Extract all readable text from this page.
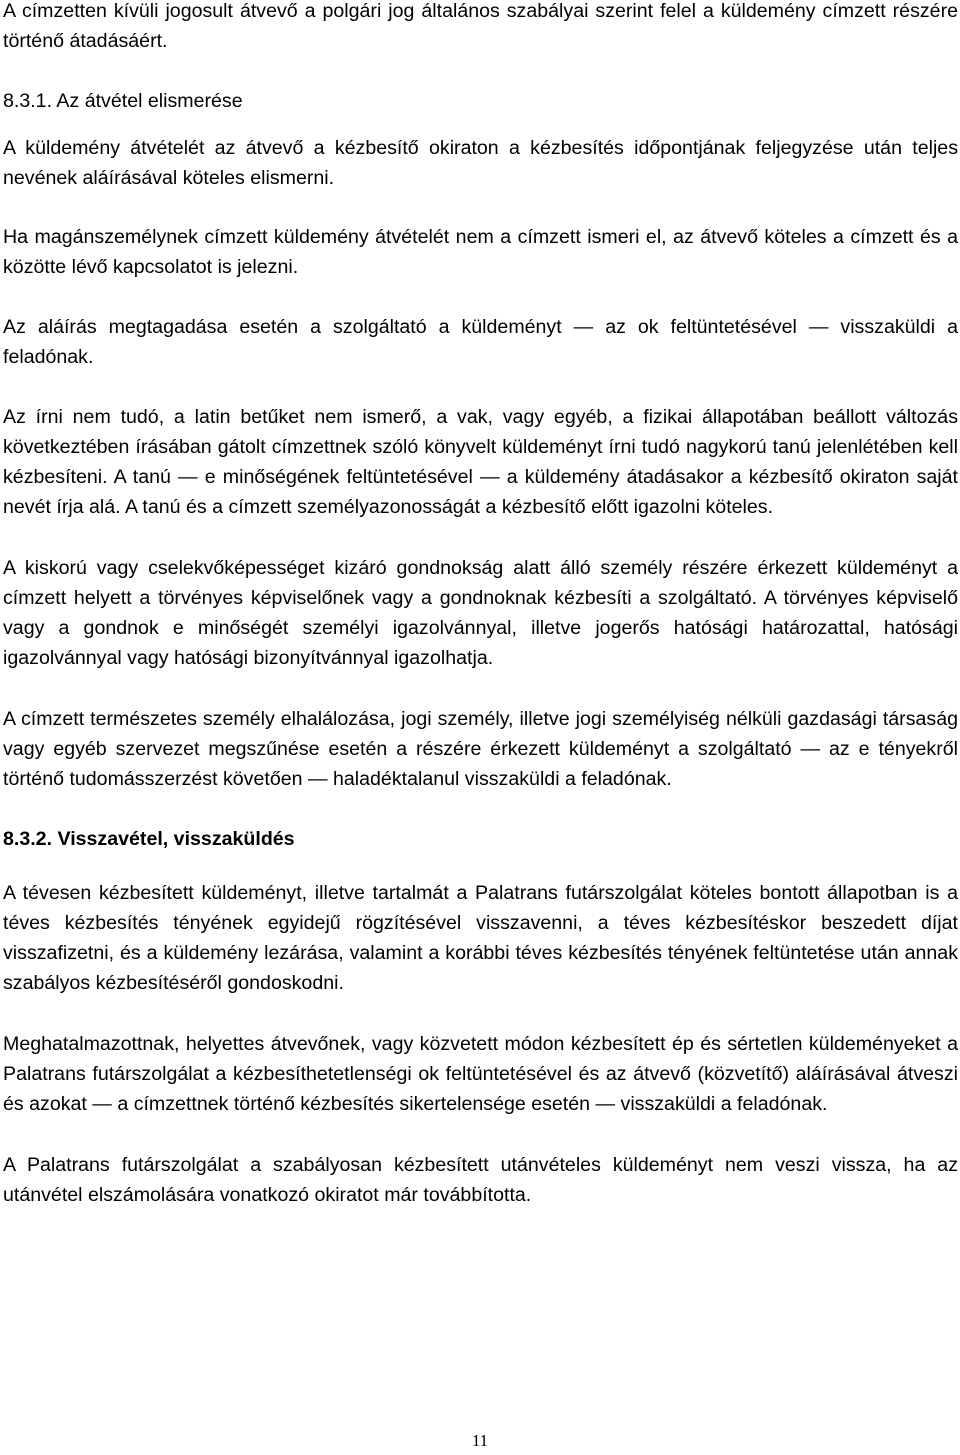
A címzetten kívüli jogosult átvevő a polgári jog általános szabályai szerint felel a küldemény címzett részére történő átadásáért.

8.3.1. Az átvétel elismerése

A küldemény átvételét az átvevő a kézbesítő okiraton a kézbesítés időpontjának feljegyzése után teljes nevének aláírásával köteles elismerni.

Ha magánszemélynek címzett küldemény átvételét nem a címzett ismeri el, az átvevő köteles a címzett és a közötte lévő kapcsolatot is jelezni.

Az aláírás megtagadása esetén a szolgáltató a küldeményt — az ok feltüntetésével — visszaküldi a feladónak.

Az írni nem tudó, a latin betűket nem ismerő, a vak, vagy egyéb, a fizikai állapotában beállott változás következtében írásában gátolt címzettnek szóló könyvelt küldeményt írni tudó nagykorú tanú jelenlétében kell kézbesíteni. A tanú — e minőségének feltüntetésével — a küldemény átadásakor a kézbesítő okiraton saját nevét írja alá. A tanú és a címzett személyazonosságát a kézbesítő előtt igazolni köteles.

A kiskorú vagy cselekvőképességet kizáró gondnokság alatt álló személy részére érkezett küldeményt a címzett helyett a törvényes képviselőnek vagy a gondnoknak kézbesíti a szolgáltató. A törvényes képviselő vagy a gondnok e minőségét személyi igazolvánnyal, illetve jogerős hatósági határozattal, hatósági igazolvánnyal vagy hatósági bizonyítvánnyal igazolhatja.

A címzett természetes személy elhalálozása, jogi személy, illetve jogi személyiség nélküli gazdasági társaság vagy egyéb szervezet megszűnése esetén a részére érkezett küldeményt a szolgáltató — az e tényekről történő tudomásszerzést követően — haladéktalanul visszaküldi a feladónak.

8.3.2. Visszavétel, visszaküldés

A tévesen kézbesített küldeményt, illetve tartalmát a Palatrans futárszolgálat köteles bontott állapotban is a téves kézbesítés tényének egyidejű rögzítésével visszavenni, a téves kézbesítéskor beszedett díjat visszafizetni, és a küldemény lezárása, valamint a korábbi téves kézbesítés tényének feltüntetése után annak szabályos kézbesítéséről gondoskodni.

Meghatalmazottnak, helyettes átvevőnek, vagy közvetett módon kézbesített ép és sértetlen küldeményeket a Palatrans futárszolgálat a kézbesíthetetlenségi ok feltüntetésével és az átvevő (közvetítő) aláírásával átveszi és azokat — a címzettnek történő kézbesítés sikertelensége esetén — visszaküldi a feladónak.

A Palatrans futárszolgálat a szabályosan kézbesített utánvételes küldeményt nem veszi vissza, ha az utánvétel elszámolására vonatkozó okiratot már továbbította.

11
